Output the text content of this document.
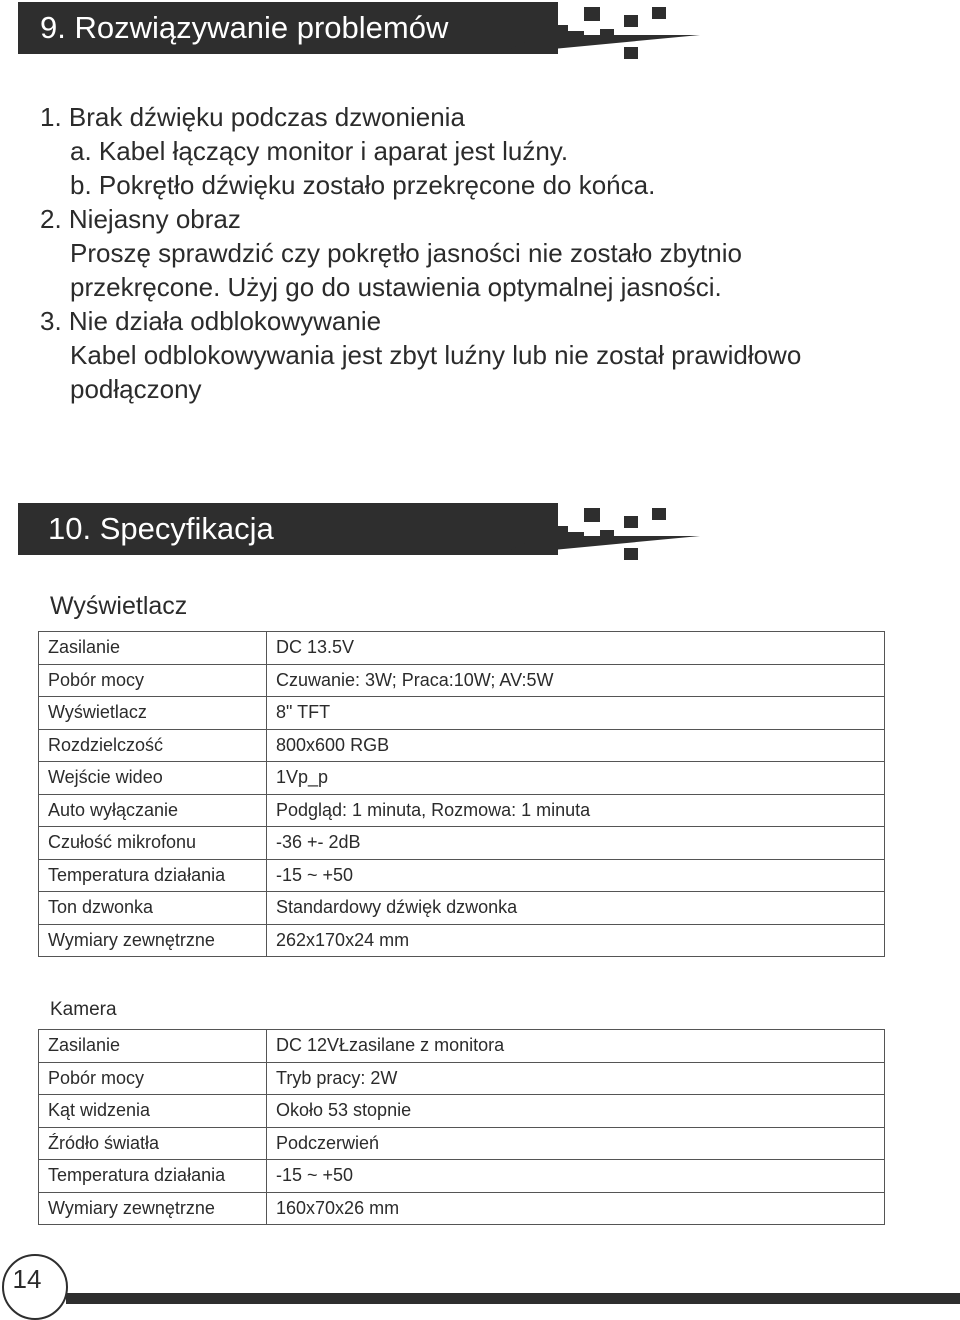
9. Rozwiązywanie problemów
1. Brak dźwięku podczas dzwonienia
a. Kabel łączący monitor i aparat jest luźny.
b. Pokrętło dźwięku zostało przekręcone do końca.
2. Niejasny obraz
Proszę sprawdzić czy pokrętło jasności nie zostało zbytnio
przekręcone. Użyj go do ustawienia optymalnej jasności.
3. Nie działa odblokowywanie
Kabel odblokowywania jest zbyt luźny lub nie został prawidłowo
podłączony
10. Specyfikacja
Wyświetlacz
Zasilanie	DC 13.5V
Pobór mocy	Czuwanie: 3W; Praca:10W; AV:5W
Wyświetlacz	8" TFT
Rozdzielczość	800x600 RGB
Wejście wideo	1Vp_p
Auto wyłączanie	Podgląd: 1 minuta, Rozmowa: 1 minuta
Czułość mikrofonu	-36 +- 2dB
Temperatura działania	-15 ~ +50
Ton dzwonka	Standardowy dźwięk dzwonka
Wymiary zewnętrzne	262x170x24 mm
Kamera
Zasilanie	DC 12VŁzasilane z monitora
Pobór mocy	Tryb pracy: 2W
Kąt widzenia	Około 53 stopnie
Źródło światła	Podczerwień
Temperatura działania	-15 ~ +50
Wymiary zewnętrzne	160x70x26 mm
14
